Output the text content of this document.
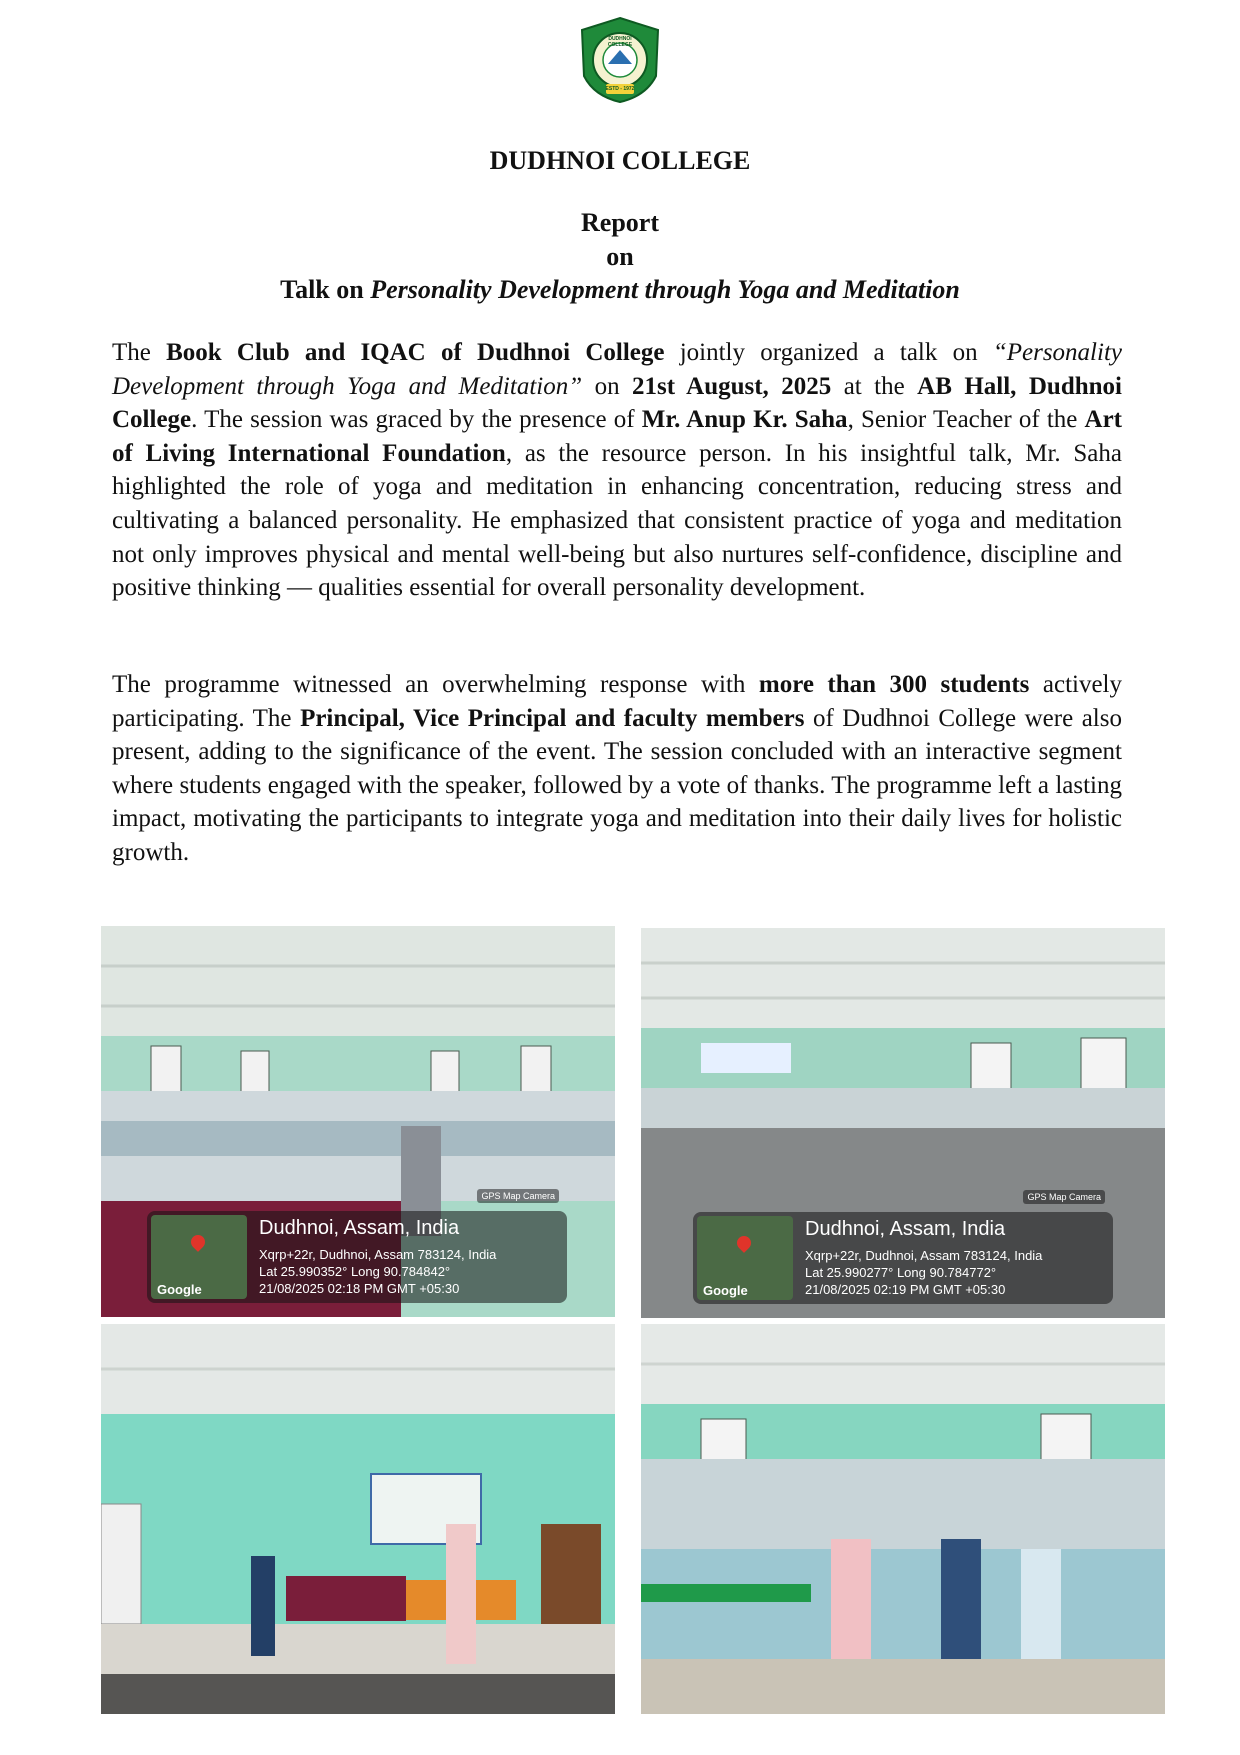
DUDHNOI COLLEGE
ESTD - 1972
DUDHNOI COLLEGE
Report
on
Talk on Personality Development through Yoga and Meditation
The Book Club and IQAC of Dudhnoi College jointly organized a talk on “Personality Development through Yoga and Meditation” on 21st August, 2025 at the AB Hall, Dudhnoi College. The session was graced by the presence of Mr. Anup Kr. Saha, Senior Teacher of the Art of Living International Foundation, as the resource person. In his insightful talk, Mr. Saha highlighted the role of yoga and meditation in enhancing concentration, reducing stress and cultivating a balanced personality. He emphasized that consistent practice of yoga and meditation not only improves physical and mental well-being but also nurtures self-confidence, discipline and positive thinking — qualities essential for overall personality development.
The programme witnessed an overwhelming response with more than 300 students actively participating. The Principal, Vice Principal and faculty members of Dudhnoi College were also present, adding to the significance of the event. The session concluded with an interactive segment where students engaged with the speaker, followed by a vote of thanks. The programme left a lasting impact, motivating the participants to integrate yoga and meditation into their daily lives for holistic growth.
GPS Map Camera
Google
Dudhnoi, Assam, India
Xqrp+22r, Dudhnoi, Assam 783124, India
Lat 25.990352° Long 90.784842°
21/08/2025 02:18 PM GMT +05:30
GPS Map Camera
Google
Dudhnoi, Assam, India
Xqrp+22r, Dudhnoi, Assam 783124, India
Lat 25.990277° Long 90.784772°
21/08/2025 02:19 PM GMT +05:30
